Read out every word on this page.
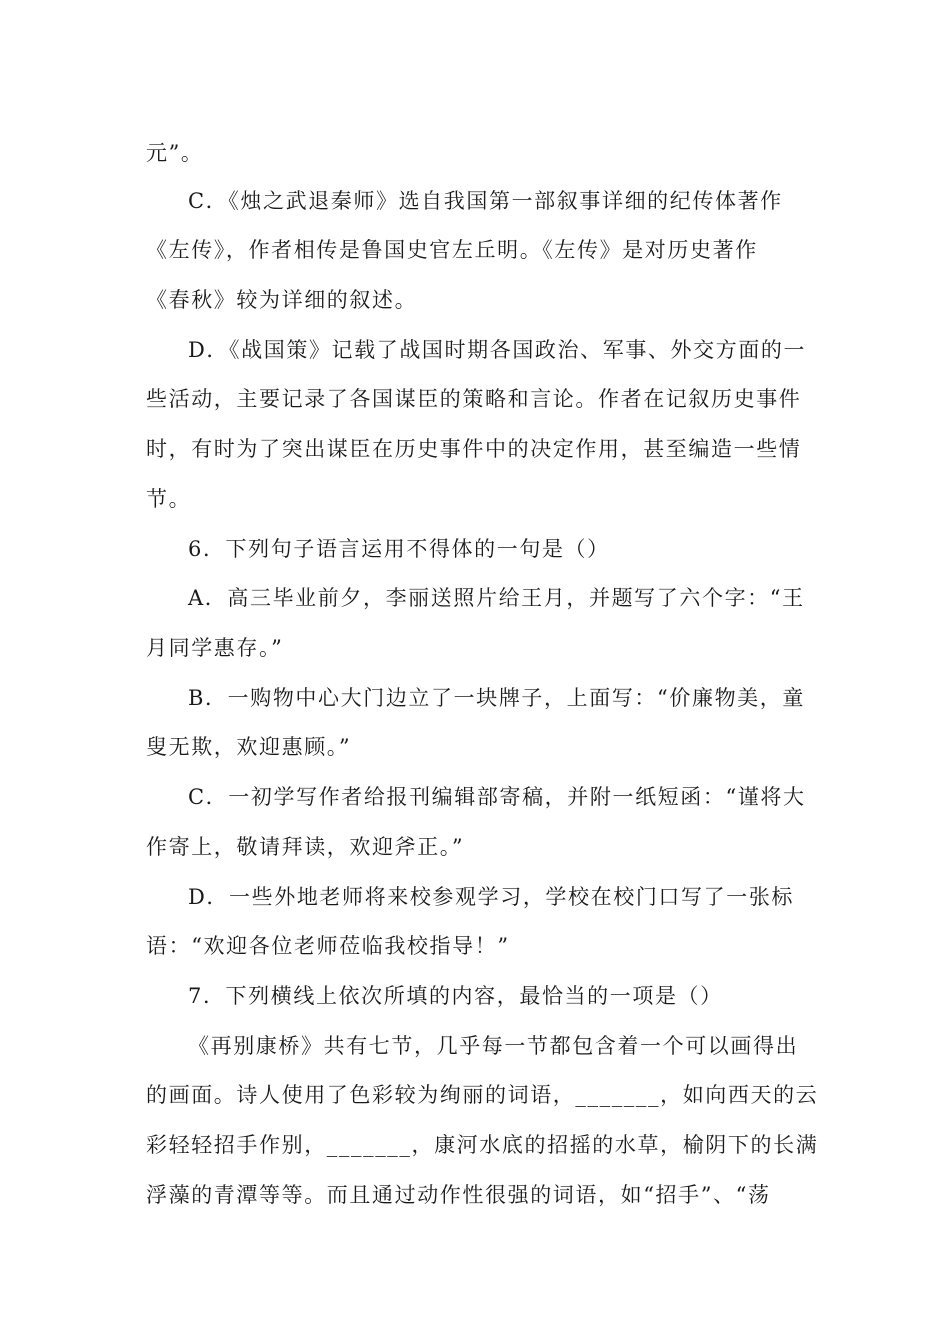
元”。
C．《烛之武退秦师》选自我国第一部叙事详细的纪传体著作
《左传》，作者相传是鲁国史官左丘明。《左传》是对历史著作
《春秋》较为详细的叙述。
D．《战国策》记载了战国时期各国政治、军事、外交方面的一
些活动，主要记录了各国谋臣的策略和言论。作者在记叙历史事件
时，有时为了突出谋臣在历史事件中的决定作用，甚至编造一些情
节。
6．下列句子语言运用不得体的一句是（）
A．高三毕业前夕，李丽送照片给王月，并题写了六个字：“王
月同学惠存。”
B．一购物中心大门边立了一块牌子，上面写：“价廉物美，童
叟无欺，欢迎惠顾。”
C．一初学写作者给报刊编辑部寄稿，并附一纸短函：“谨将大
作寄上，敬请拜读，欢迎斧正。”
D．一些外地老师将来校参观学习，学校在校门口写了一张标
语：“欢迎各位老师莅临我校指导！”
7．下列横线上依次所填的内容，最恰当的一项是（）
《再别康桥》共有七节，几乎每一节都包含着一个可以画得出
的画面。诗人使用了色彩较为绚丽的词语，_______，如向西天的云
彩轻轻招手作别，_______，康河水底的招摇的水草，榆阴下的长满
浮藻的青潭等等。而且通过动作性很强的词语，如“招手”、“荡
